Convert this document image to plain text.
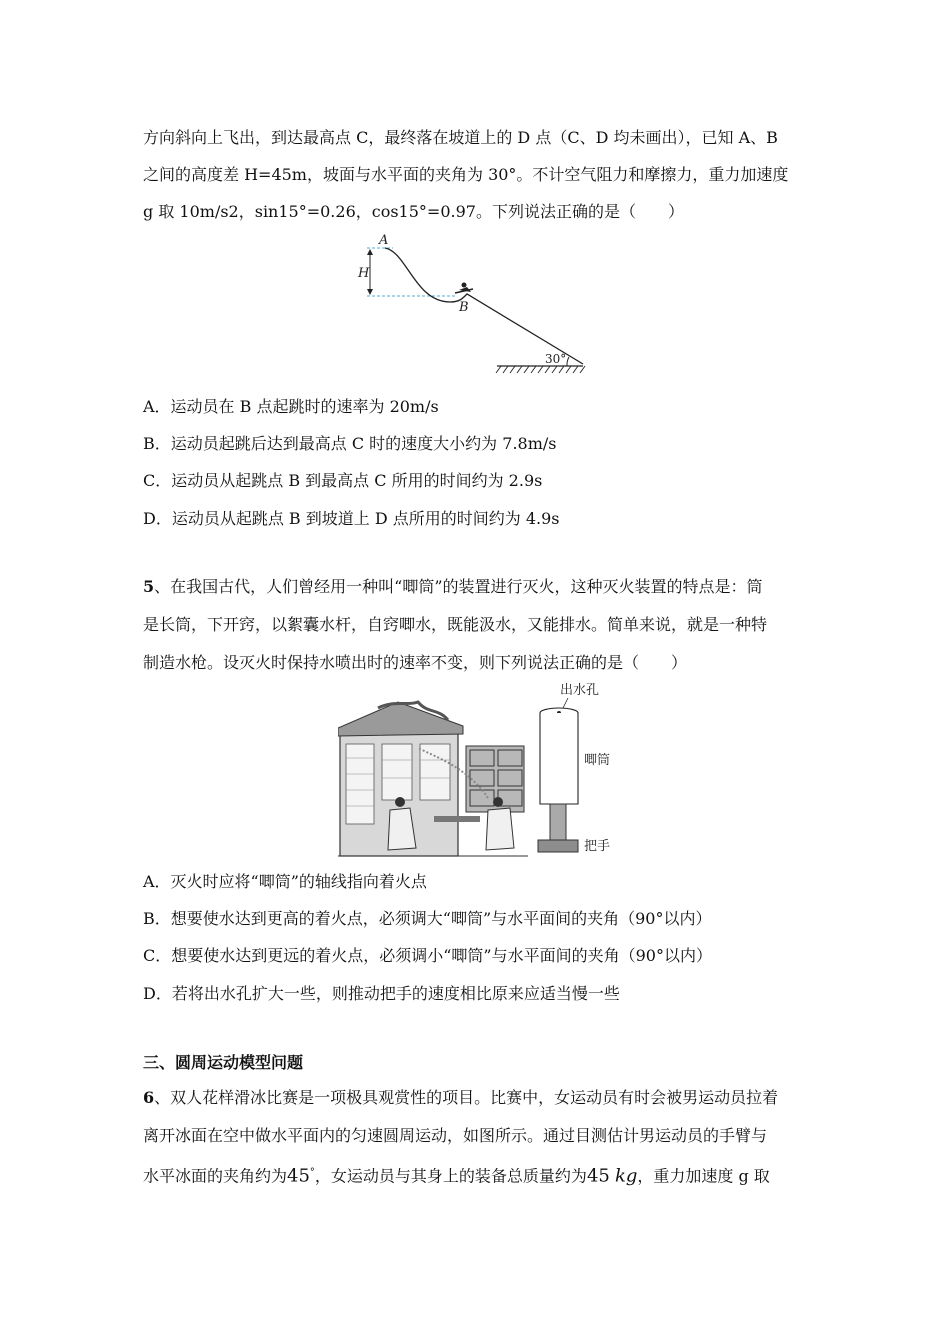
方向斜向上飞出，到达最高点 C，最终落在坡道上的 D 点（C、D 均未画出），已知 A、B
之间的高度差 H=45m，坡面与水平面的夹角为 30°。不计空气阻力和摩擦力，重力加速度
g 取 10m/s2，sin15°=0.26，cos15°=0.97。下列说法正确的是（　　）
A
H
B
30°
A．运动员在 B 点起跳时的速率为 20m/s
B．运动员起跳后达到最高点 C 时的速度大小约为 7.8m/s
C．运动员从起跳点 B 到最高点 C 所用的时间约为 2.9s
D．运动员从起跳点 B 到坡道上 D 点所用的时间约为 4.9s
5、在我国古代，人们曾经用一种叫“唧筒”的装置进行灭火，这种灭火装置的特点是：筒
是长筒，下开窍，以絮囊水杆，自窍唧水，既能汲水，又能排水。简单来说，就是一种特
制造水枪。设灭火时保持水喷出时的速率不变，则下列说法正确的是（　　）
出水孔
唧筒
把手
A．灭火时应将“唧筒”的轴线指向着火点
B．想要使水达到更高的着火点，必须调大“唧筒”与水平面间的夹角（90°以内）
C．想要使水达到更远的着火点，必须调小“唧筒”与水平面间的夹角（90°以内）
D．若将出水孔扩大一些，则推动把手的速度相比原来应适当慢一些
三、圆周运动模型问题
6、双人花样滑冰比赛是一项极具观赏性的项目。比赛中，女运动员有时会被男运动员拉着
离开冰面在空中做水平面内的匀速圆周运动，如图所示。通过目测估计男运动员的手臂与
水平冰面的夹角约为45°，女运动员与其身上的装备总质量约为45 kg，重力加速度 g 取
